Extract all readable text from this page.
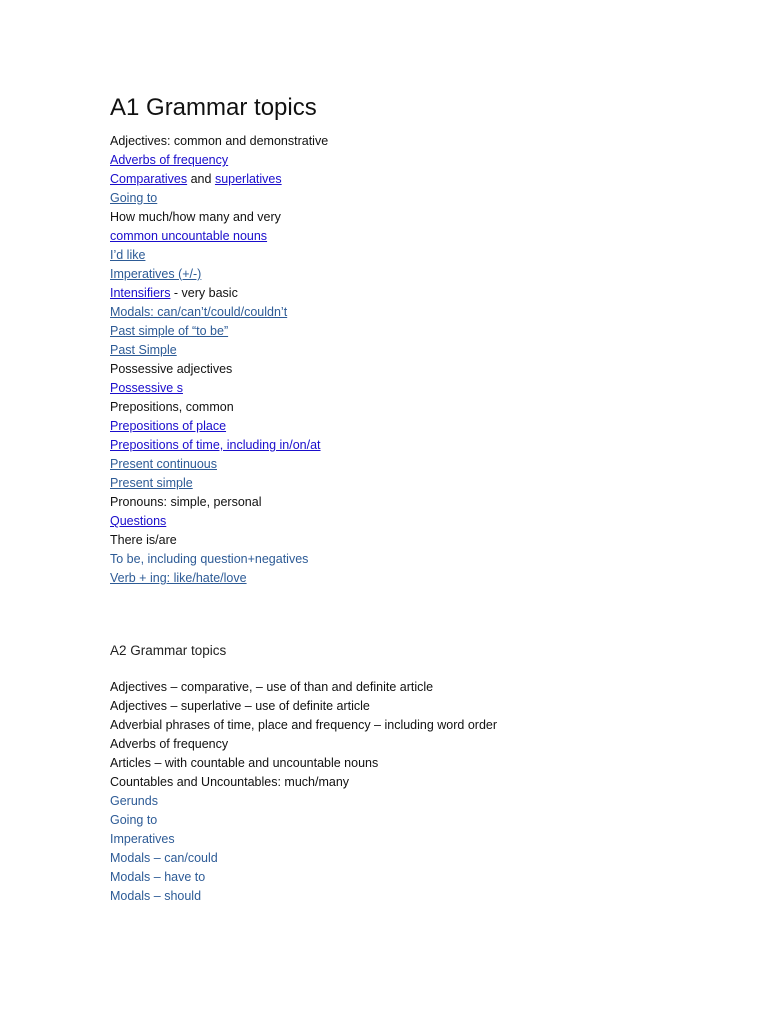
A1 Grammar topics
Adjectives: common and demonstrative
Adverbs of frequency
Comparatives and superlatives
Going to
How much/how many and very
common uncountable nouns
I’d like
Imperatives (+/-)
Intensifiers - very basic
Modals: can/can’t/could/couldn’t
Past simple of “to be”
Past Simple
Possessive adjectives
Possessive s
Prepositions, common
Prepositions of place
Prepositions of time, including in/on/at
Present continuous
Present simple
Pronouns: simple, personal
Questions
There is/are
To be, including question+negatives
Verb + ing: like/hate/love
A2 Grammar topics
Adjectives – comparative, – use of than and definite article
Adjectives – superlative – use of definite article
Adverbial phrases of time, place and frequency – including word order
Adverbs of frequency
Articles – with countable and uncountable nouns
Countables and Uncountables: much/many
Gerunds
Going to
Imperatives
Modals – can/could
Modals – have to
Modals – should
